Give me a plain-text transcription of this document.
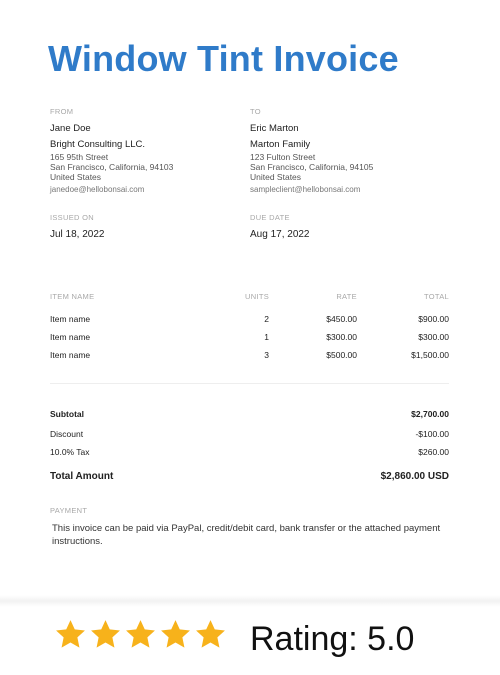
Window Tint Invoice
FROM
Jane Doe
Bright Consulting LLC.
165 95th Street
San Francisco, California, 94103
United States
janedoe@hellobonsai.com
TO
Eric Marton
Marton Family
123 Fulton Street
San Francisco, California, 94105
United States
sampleclient@hellobonsai.com
ISSUED ON
Jul 18, 2022
DUE DATE
Aug 17, 2022
ITEM NAME	UNITS	RATE	TOTAL
Item name	2	$450.00	$900.00
Item name	1	$300.00	$300.00
Item name	3	$500.00	$1,500.00
Subtotal	$2,700.00
Discount	-$100.00
10.0% Tax	$260.00
Total Amount	$2,860.00 USD
PAYMENT
This invoice can be paid via PayPal, credit/debit card, bank transfer or the attached payment instructions.
Rating: 5.0
